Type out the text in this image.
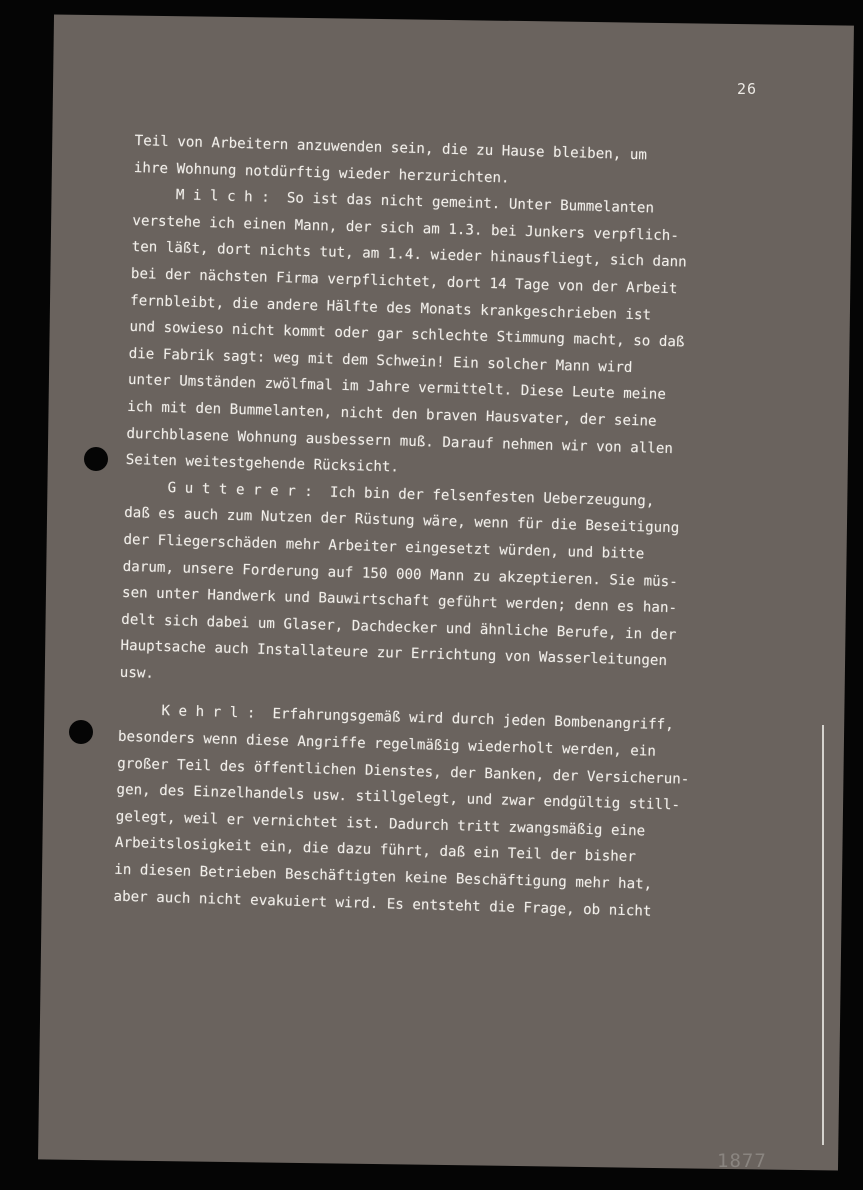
26
Teil von Arbeitern anzuwenden sein, die zu Hause bleiben, um
ihre Wohnung notdürftig wieder herzurichten.
M i l c h :  So ist das nicht gemeint. Unter Bummelanten
verstehe ich einen Mann, der sich am 1.3. bei Junkers verpflich-
ten läßt, dort nichts tut, am 1.4. wieder hinausfliegt, sich dann
bei der nächsten Firma verpflichtet, dort 14 Tage von der Arbeit
fernbleibt, die andere Hälfte des Monats krankgeschrieben ist
und sowieso nicht kommt oder gar schlechte Stimmung macht, so daß
die Fabrik sagt: weg mit dem Schwein! Ein solcher Mann wird
unter Umständen zwölfmal im Jahre vermittelt. Diese Leute meine
ich mit den Bummelanten, nicht den braven Hausvater, der seine
durchblasene Wohnung ausbessern muß. Darauf nehmen wir von allen
Seiten weitestgehende Rücksicht.
G u t t e r e r :  Ich bin der felsenfesten Ueberzeugung,
daß es auch zum Nutzen der Rüstung wäre, wenn für die Beseitigung
der Fliegerschäden mehr Arbeiter eingesetzt würden, und bitte
darum, unsere Forderung auf 150 000 Mann zu akzeptieren. Sie müs-
sen unter Handwerk und Bauwirtschaft geführt werden; denn es han-
delt sich dabei um Glaser, Dachdecker und ähnliche Berufe, in der
Hauptsache auch Installateure zur Errichtung von Wasserleitungen
usw.
K e h r l :  Erfahrungsgemäß wird durch jeden Bombenangriff,
besonders wenn diese Angriffe regelmäßig wiederholt werden, ein
großer Teil des öffentlichen Dienstes, der Banken, der Versicherun-
gen, des Einzelhandels usw. stillgelegt, und zwar endgültig still-
gelegt, weil er vernichtet ist. Dadurch tritt zwangsmäßig eine
Arbeitslosigkeit ein, die dazu führt, daß ein Teil der bisher
in diesen Betrieben Beschäftigten keine Beschäftigung mehr hat,
aber auch nicht evakuiert wird. Es entsteht die Frage, ob nicht
1877
